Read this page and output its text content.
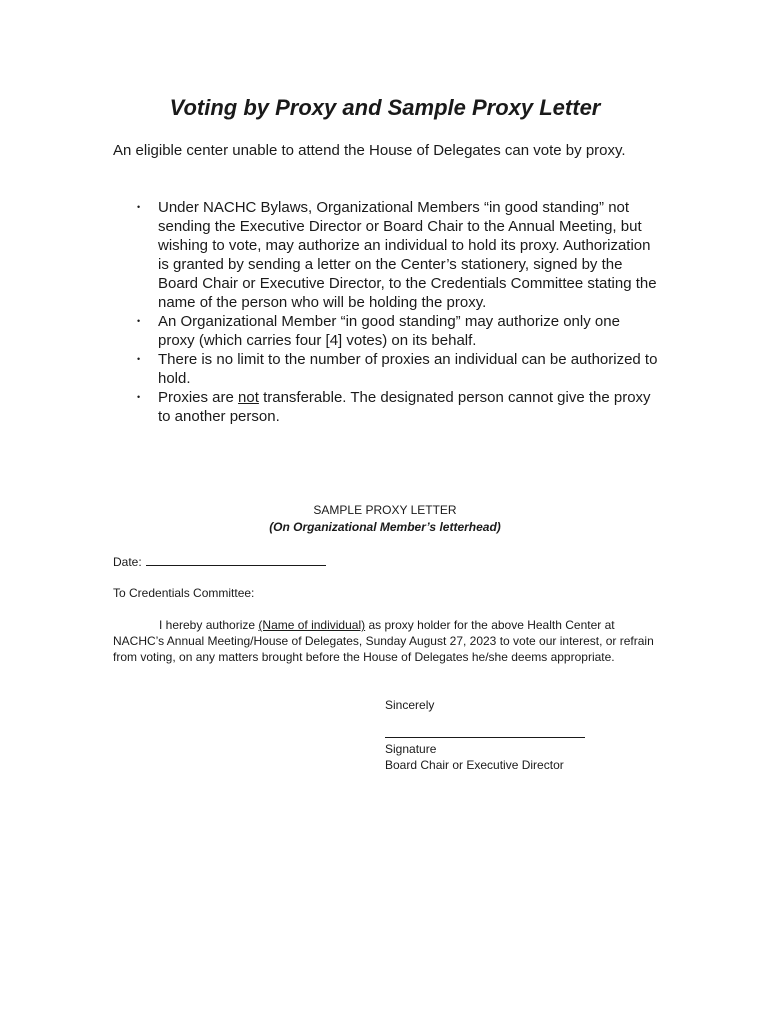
Voting by Proxy and Sample Proxy Letter

An eligible center unable to attend the House of Delegates can vote by proxy.

• Under NACHC Bylaws, Organizational Members “in good standing” not sending the Executive Director or Board Chair to the Annual Meeting, but wishing to vote, may authorize an individual to hold its proxy. Authorization is granted by sending a letter on the Center’s stationery, signed by the Board Chair or Executive Director, to the Credentials Committee stating the name of the person who will be holding the proxy.
• An Organizational Member “in good standing” may authorize only one proxy (which carries four [4] votes) on its behalf.
• There is no limit to the number of proxies an individual can be authorized to hold.
• Proxies are not transferable. The designated person cannot give the proxy to another person.

SAMPLE PROXY LETTER

(On Organizational Member’s letterhead)

Date:

To Credentials Committee:

I hereby authorize (Name of individual) as proxy holder for the above Health Center at NACHC’s Annual Meeting/House of Delegates, Sunday August 27, 2023 to vote our interest, or refrain from voting, on any matters brought before the House of Delegates he/she deems appropriate.

Sincerely
Signature
Board Chair or Executive Director
